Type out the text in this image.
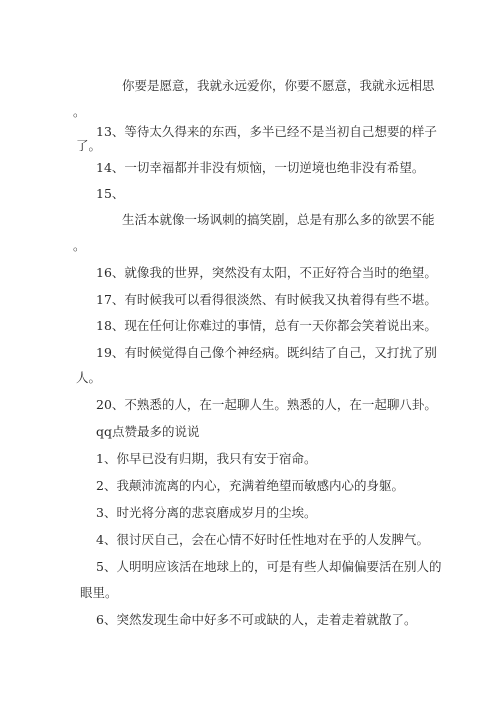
你要是愿意，我就永远爱你，你要不愿意，我就永远相思
。
13、等待太久得来的东西，多半已经不是当初自己想要的样子
了。
14、一切幸福都并非没有烦恼，一切逆境也绝非没有希望。
15、
生活本就像一场讽刺的搞笑剧，总是有那么多的欲罢不能
。
16、就像我的世界，突然没有太阳，不正好符合当时的绝望。
17、有时候我可以看得很淡然、有时候我又执着得有些不堪。
18、现在任何让你难过的事情，总有一天你都会笑着说出来。
19、有时候觉得自己像个神经病。既纠结了自己，又打扰了别
人。
20、不熟悉的人，在一起聊人生。熟悉的人，在一起聊八卦。
qq点赞最多的说说
1、你早已没有归期，我只有安于宿命。
2、我颠沛流离的内心，充满着绝望而敏感内心的身躯。
3、时光将分离的悲哀磨成岁月的尘埃。
4、很讨厌自己，会在心情不好时任性地对在乎的人发脾气。
5、人明明应该活在地球上的，可是有些人却偏偏要活在别人的
眼里。
6、突然发现生命中好多不可或缺的人，走着走着就散了。
